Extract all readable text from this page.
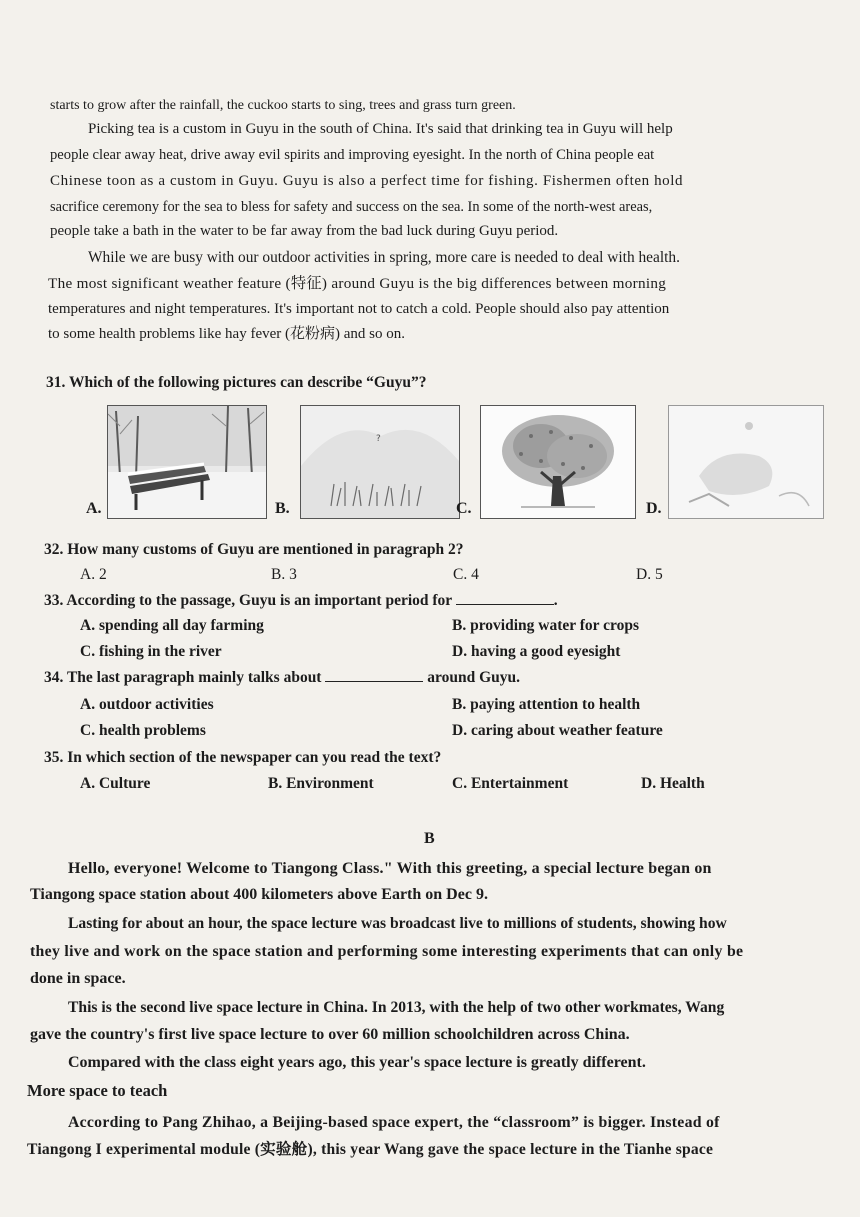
starts to grow after the rainfall, the cuckoo starts to sing, trees and grass turn green.
Picking tea is a custom in Guyu in the south of China. It's said that drinking tea in Guyu will help
people clear away heat, drive away evil spirits and improving eyesight. In the north of China people eat
Chinese toon as a custom in Guyu. Guyu is also a perfect time for fishing. Fishermen often hold
sacrifice ceremony for the sea to bless for safety and success on the sea. In some of the north-west areas,
people take a bath in the water to be far away from the bad luck during Guyu period.
While we are busy with our outdoor activities in spring, more care is needed to deal with health.
The most significant weather feature (特征) around Guyu is the big differences between morning
temperatures and night temperatures. It's important not to catch a cold. People should also pay attention
to some health problems like hay fever (花粉病) and so on.
31. Which of the following pictures can describe “Guyu”?
A.
?
B.	C.	D.
32. How many customs of Guyu are mentioned in paragraph 2?
A. 2	B. 3	C. 4	D. 5
33. According to the passage, Guyu is an important period for	.
A. spending all day farming	B. providing water for crops
C. fishing in the river	D. having a good eyesight
34. The last paragraph mainly talks about	around Guyu.
A. outdoor activities	B. paying attention to health
C. health problems	D. caring about weather feature
35. In which section of the newspaper can you read the text?
A. Culture	B. Environment	C. Entertainment	D. Health
B
Hello, everyone! Welcome to Tiangong Class." With this greeting, a special lecture began on
Tiangong space station about 400 kilometers above Earth on Dec 9.
Lasting for about an hour, the space lecture was broadcast live to millions of students, showing how
they live and work on the space station and performing some interesting experiments that can only be
done in space.
This is the second live space lecture in China. In 2013, with the help of two other workmates, Wang
gave the country's first live space lecture to over 60 million schoolchildren across China.
Compared with the class eight years ago, this year's space lecture is greatly different.
More space to teach
According to Pang Zhihao, a Beijing-based space expert, the “classroom” is bigger. Instead of
Tiangong I experimental module (实验舱), this year Wang gave the space lecture in the Tianhe space
